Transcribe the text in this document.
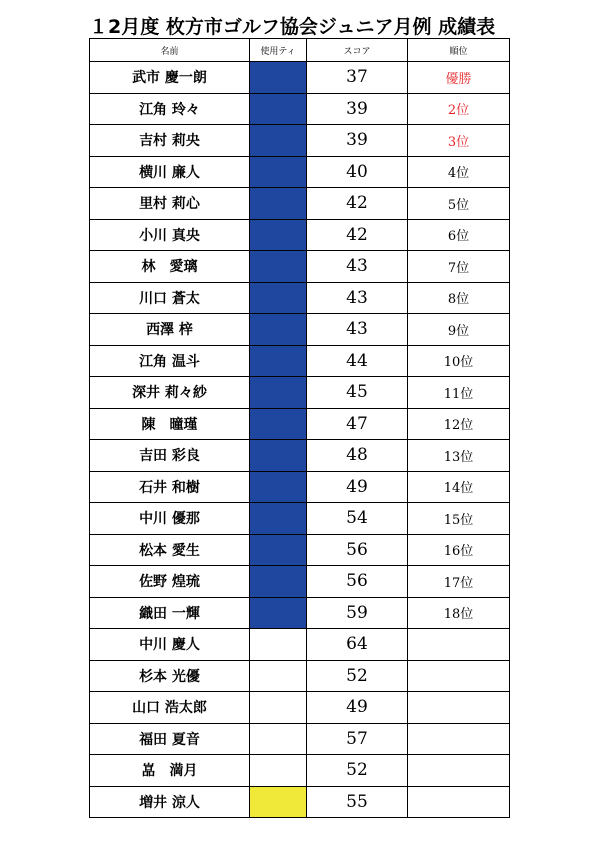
１2月度 枚方市ゴルフ協会ジュニア月例 成績表
名前	使用ティ	スコア	順位
武市 慶一朗		37	優勝
江角 玲々		39	2位
吉村 莉央		39	3位
横川 廉人		40	4位
里村 莉心		42	5位
小川 真央		42	6位
林　愛璃		43	7位
川口 蒼太		43	8位
西澤 梓		43	9位
江角 温斗		44	10位
深井 莉々紗		45	11位
陳　曈瑾		47	12位
吉田 彩良		48	13位
石井 和樹		49	14位
中川 優那		54	15位
松本 愛生		56	16位
佐野 煌琉		56	17位
織田 一輝		59	18位
中川 慶人		64	
杉本 光優		52	
山口 浩太郎		49	
福田 夏音		57	
嵓　満月		52	
増井 涼人		55	
